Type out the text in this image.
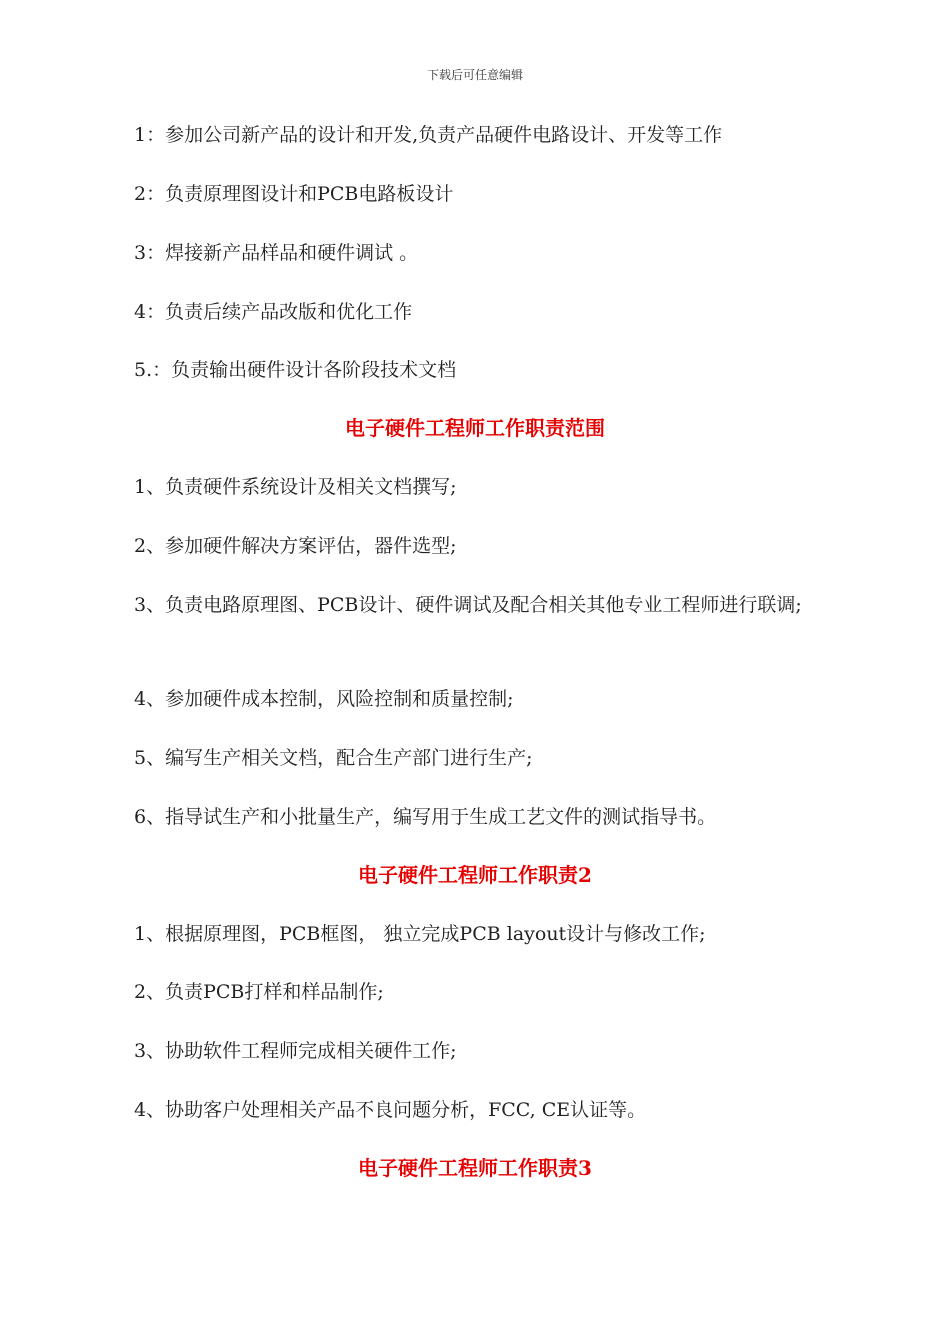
下载后可任意编辑
1：参加公司新产品的设计和开发,负责产品硬件电路设计、开发等工作
2：负责原理图设计和PCB电路板设计
3：焊接新产品样品和硬件调试 。
4：负责后续产品改版和优化工作
5.：负责输出硬件设计各阶段技术文档
电子硬件工程师工作职责范围
1、负责硬件系统设计及相关文档撰写;
2、参加硬件解决方案评估，器件选型;
3、负责电路原理图、PCB设计、硬件调试及配合相关其他专业工程师进行联调;
4、参加硬件成本控制，风险控制和质量控制;
5、编写生产相关文档，配合生产部门进行生产;
6、指导试生产和小批量生产，编写用于生成工艺文件的测试指导书。
电子硬件工程师工作职责2
1、根据原理图，PCB框图， 独立完成PCB layout设计与修改工作;
2、负责PCB打样和样品制作;
3、协助软件工程师完成相关硬件工作;
4、协助客户处理相关产品不良问题分析，FCC, CE认证等。
电子硬件工程师工作职责3
